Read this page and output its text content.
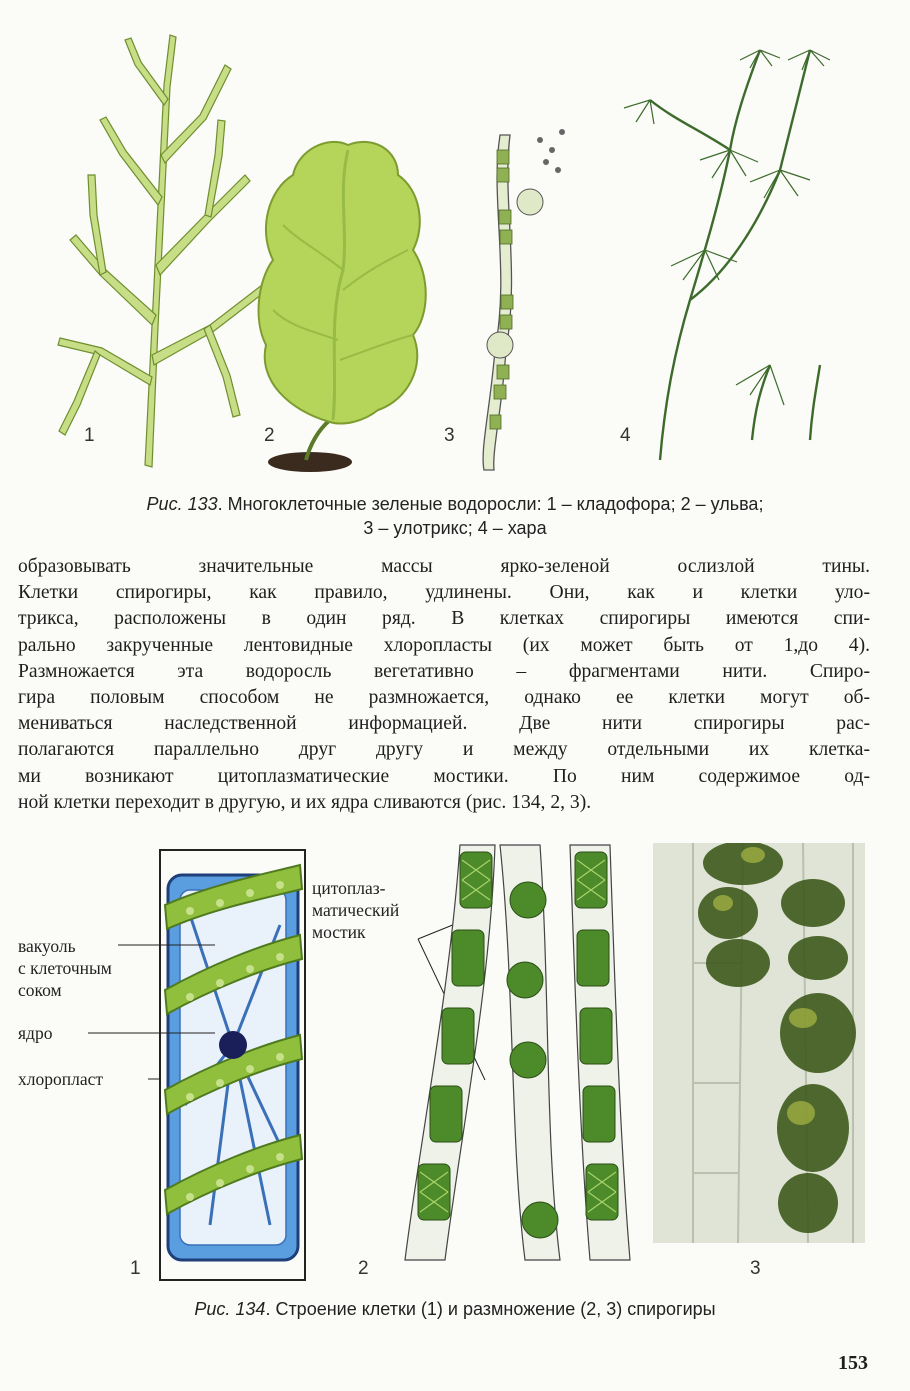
1	2	3	4
Рис. 133. Многоклеточные зеленые водоросли: 1 – кладофора; 2 – ульва;
3 – улотрикс; 4 – хара
образовывать значительные массы ярко-зеленой ослизлой тины.
Клетки спирогиры, как правило, удлинены. Они, как и клетки уло-
трикса, расположены в один ряд. В клетках спирогиры имеются спи-
рально закрученные лентовидные хлоропласты (их может быть от 1,до 4).
Размножается эта водоросль вегетативно – фрагментами нити. Спиро-
гира половым способом не размножается, однако ее клетки могут об-
мениваться наследственной информацией. Две нити спирогиры рас-
полагаются параллельно друг другу и между отдельными их клетка-
ми возникают цитоплазматические мостики. По ним содержимое од-
ной клетки переходит в другую, и их ядра сливаются (рис. 134, 2, 3).
1
вакуоль
с клеточным
соком
ядро
хлоропласт
цитоплаз-
матический
мостик
2	3
Рис. 134. Строение клетки (1) и размножение (2, 3) спирогиры
153
